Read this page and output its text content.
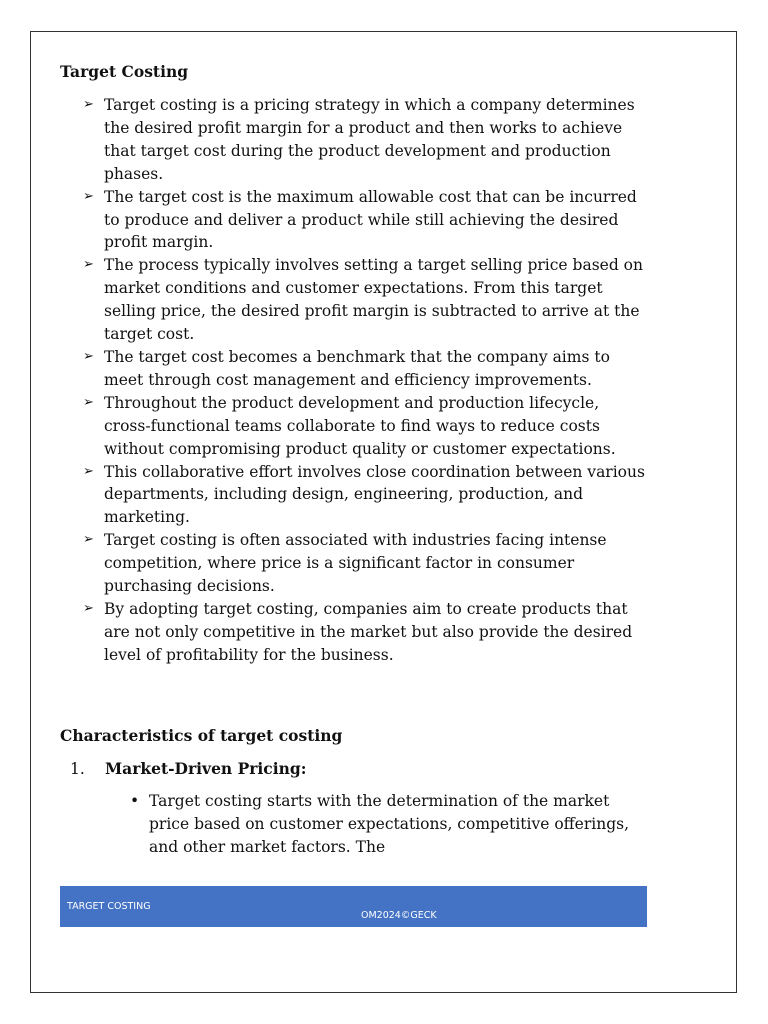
Target Costing
➢ Target costing is a pricing strategy in which a company determines the desired profit margin for a product and then works to achieve that target cost during the product development and production phases.
➢ The target cost is the maximum allowable cost that can be incurred to produce and deliver a product while still achieving the desired profit margin.
➢ The process typically involves setting a target selling price based on market conditions and customer expectations. From this target selling price, the desired profit margin is subtracted to arrive at the target cost.
➢ The target cost becomes a benchmark that the company aims to meet through cost management and efficiency improvements.
➢ Throughout the product development and production lifecycle, cross-functional teams collaborate to find ways to reduce costs without compromising product quality or customer expectations.
➢ This collaborative effort involves close coordination between various departments, including design, engineering, production, and marketing.
➢ Target costing is often associated with industries facing intense competition, where price is a significant factor in consumer purchasing decisions.
➢ By adopting target costing, companies aim to create products that are not only competitive in the market but also provide the desired level of profitability for the business.
Characteristics of target costing
1. Market-Driven Pricing:
• Target costing starts with the determination of the market price based on customer expectations, competitive offerings, and other market factors. The
TARGET COSTING
OM2024©GECK
